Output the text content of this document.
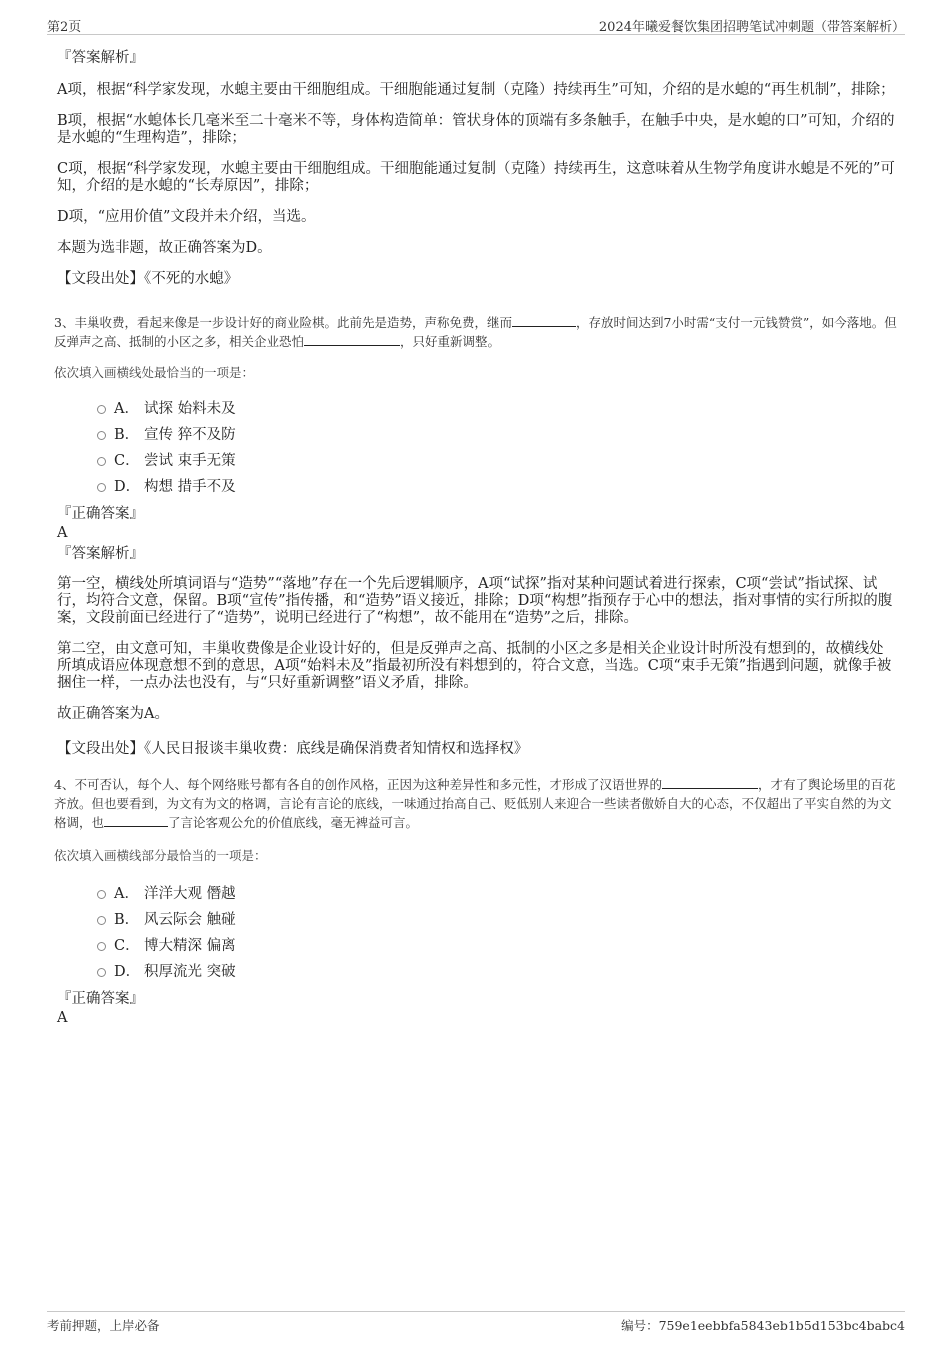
第2页	2024年曦爱餐饮集团招聘笔试冲刺题（带答案解析）
『答案解析』

A项，根据“科学家发现，水螅主要由干细胞组成。干细胞能通过复制（克隆）持续再生”可知，介绍的是水螅的“再生机制”，排除；

B项，根据“水螅体长几毫米至二十毫米不等，身体构造简单：管状身体的顶端有多条触手，在触手中央，是水螅的口”可知，介绍的是水螅的“生理构造”，排除；

C项，根据“科学家发现，水螅主要由干细胞组成。干细胞能通过复制（克隆）持续再生，这意味着从生物学角度讲水螅是不死的”可知，介绍的是水螅的“长寿原因”，排除；

D项，“应用价值”文段并未介绍，当选。

本题为选非题，故正确答案为D。

【文段出处】《不死的水螅》

3、丰巢收费，看起来像是一步设计好的商业险棋。此前先是造势，声称免费，继而	，存放时间达到7小时需“支付一元钱赞赏”，如今落地。但反弹声之高、抵制的小区之多，相关企业恐怕	，只好重新调整。

依次填入画横线处最恰当的一项是：

A． 试探 始料未及
B． 宣传 猝不及防
C． 尝试 束手无策
D． 构想 措手不及
『正确答案』
A
『答案解析』

第一空，横线处所填词语与“造势”“落地”存在一个先后逻辑顺序，A项“试探”指对某种问题试着进行探索，C项“尝试”指试探、试行，均符合文意，保留。B项“宣传”指传播，和“造势”语义接近，排除；D项“构想”指预存于心中的想法，指对事情的实行所拟的腹案，文段前面已经进行了“造势”，说明已经进行了“构想”，故不能用在“造势”之后，排除。

第二空，由文意可知，丰巢收费像是企业设计好的，但是反弹声之高、抵制的小区之多是相关企业设计时所没有想到的，故横线处所填成语应体现意想不到的意思，A项“始料未及”指最初所没有料想到的，符合文意，当选。C项“束手无策”指遇到问题，就像手被捆住一样，一点办法也没有，与“只好重新调整”语义矛盾，排除。

故正确答案为A。

【文段出处】《人民日报谈丰巢收费：底线是确保消费者知情权和选择权》

4、不可否认，每个人、每个网络账号都有各自的创作风格，正因为这种差异性和多元性，才形成了汉语世界的	，才有了舆论场里的百花齐放。但也要看到，为文有为文的格调，言论有言论的底线，一味通过抬高自己、贬低别人来迎合一些读者傲娇自大的心态，不仅超出了平实自然的为文格调，也	了言论客观公允的价值底线，毫无裨益可言。

依次填入画横线部分最恰当的一项是：

A． 洋洋大观 僭越
B． 风云际会 触碰
C． 博大精深 偏离
D． 积厚流光 突破
『正确答案』
A
考前押题，上岸必备	编号：759e1eebbfa5843eb1b5d153bc4babc4
